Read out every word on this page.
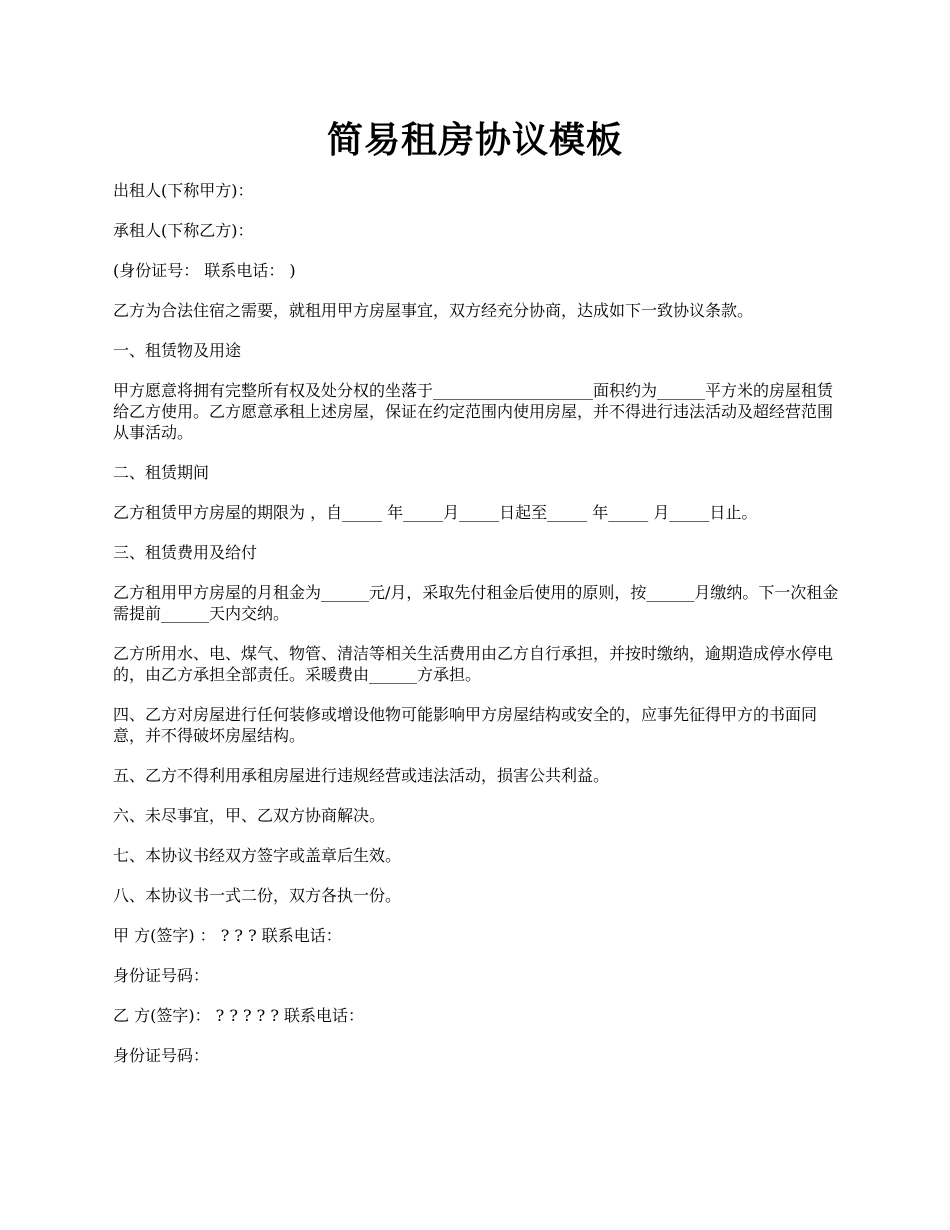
简易租房协议模板

出租人(下称甲方)：

承租人(下称乙方)：

(身份证号： 联系电话： )

乙方为合法住宿之需要，就租用甲方房屋事宜，双方经充分协商，达成如下一致协议条款。

一、租赁物及用途

甲方愿意将拥有完整所有权及处分权的坐落于____________________面积约为______平方米的房屋租赁给乙方使用。乙方愿意承租上述房屋，保证在约定范围内使用房屋，并不得进行违法活动及超经营范围从事活动。

二、租赁期间

乙方租赁甲方房屋的期限为 ，自_____ 年_____月_____日起至_____ 年_____ 月_____日止。

三、租赁费用及给付

乙方租用甲方房屋的月租金为______元/月，采取先付租金后使用的原则，按______月缴纳。下一次租金需提前______天内交纳。

乙方所用水、电、煤气、物管、清洁等相关生活费用由乙方自行承担，并按时缴纳，逾期造成停水停电的，由乙方承担全部责任。采暖费由______方承担。

四、乙方对房屋进行任何装修或增设他物可能影响甲方房屋结构或安全的，应事先征得甲方的书面同意，并不得破坏房屋结构。

五、乙方不得利用承租房屋进行违规经营或违法活动，损害公共利益。

六、未尽事宜，甲、乙双方协商解决。

七、本协议书经双方签字或盖章后生效。

八、本协议书一式二份，双方各执一份。

甲 方(签字) ： ? ? ? 联系电话：

身份证号码：

乙 方(签字)： ? ? ? ? ? 联系电话：

身份证号码：
